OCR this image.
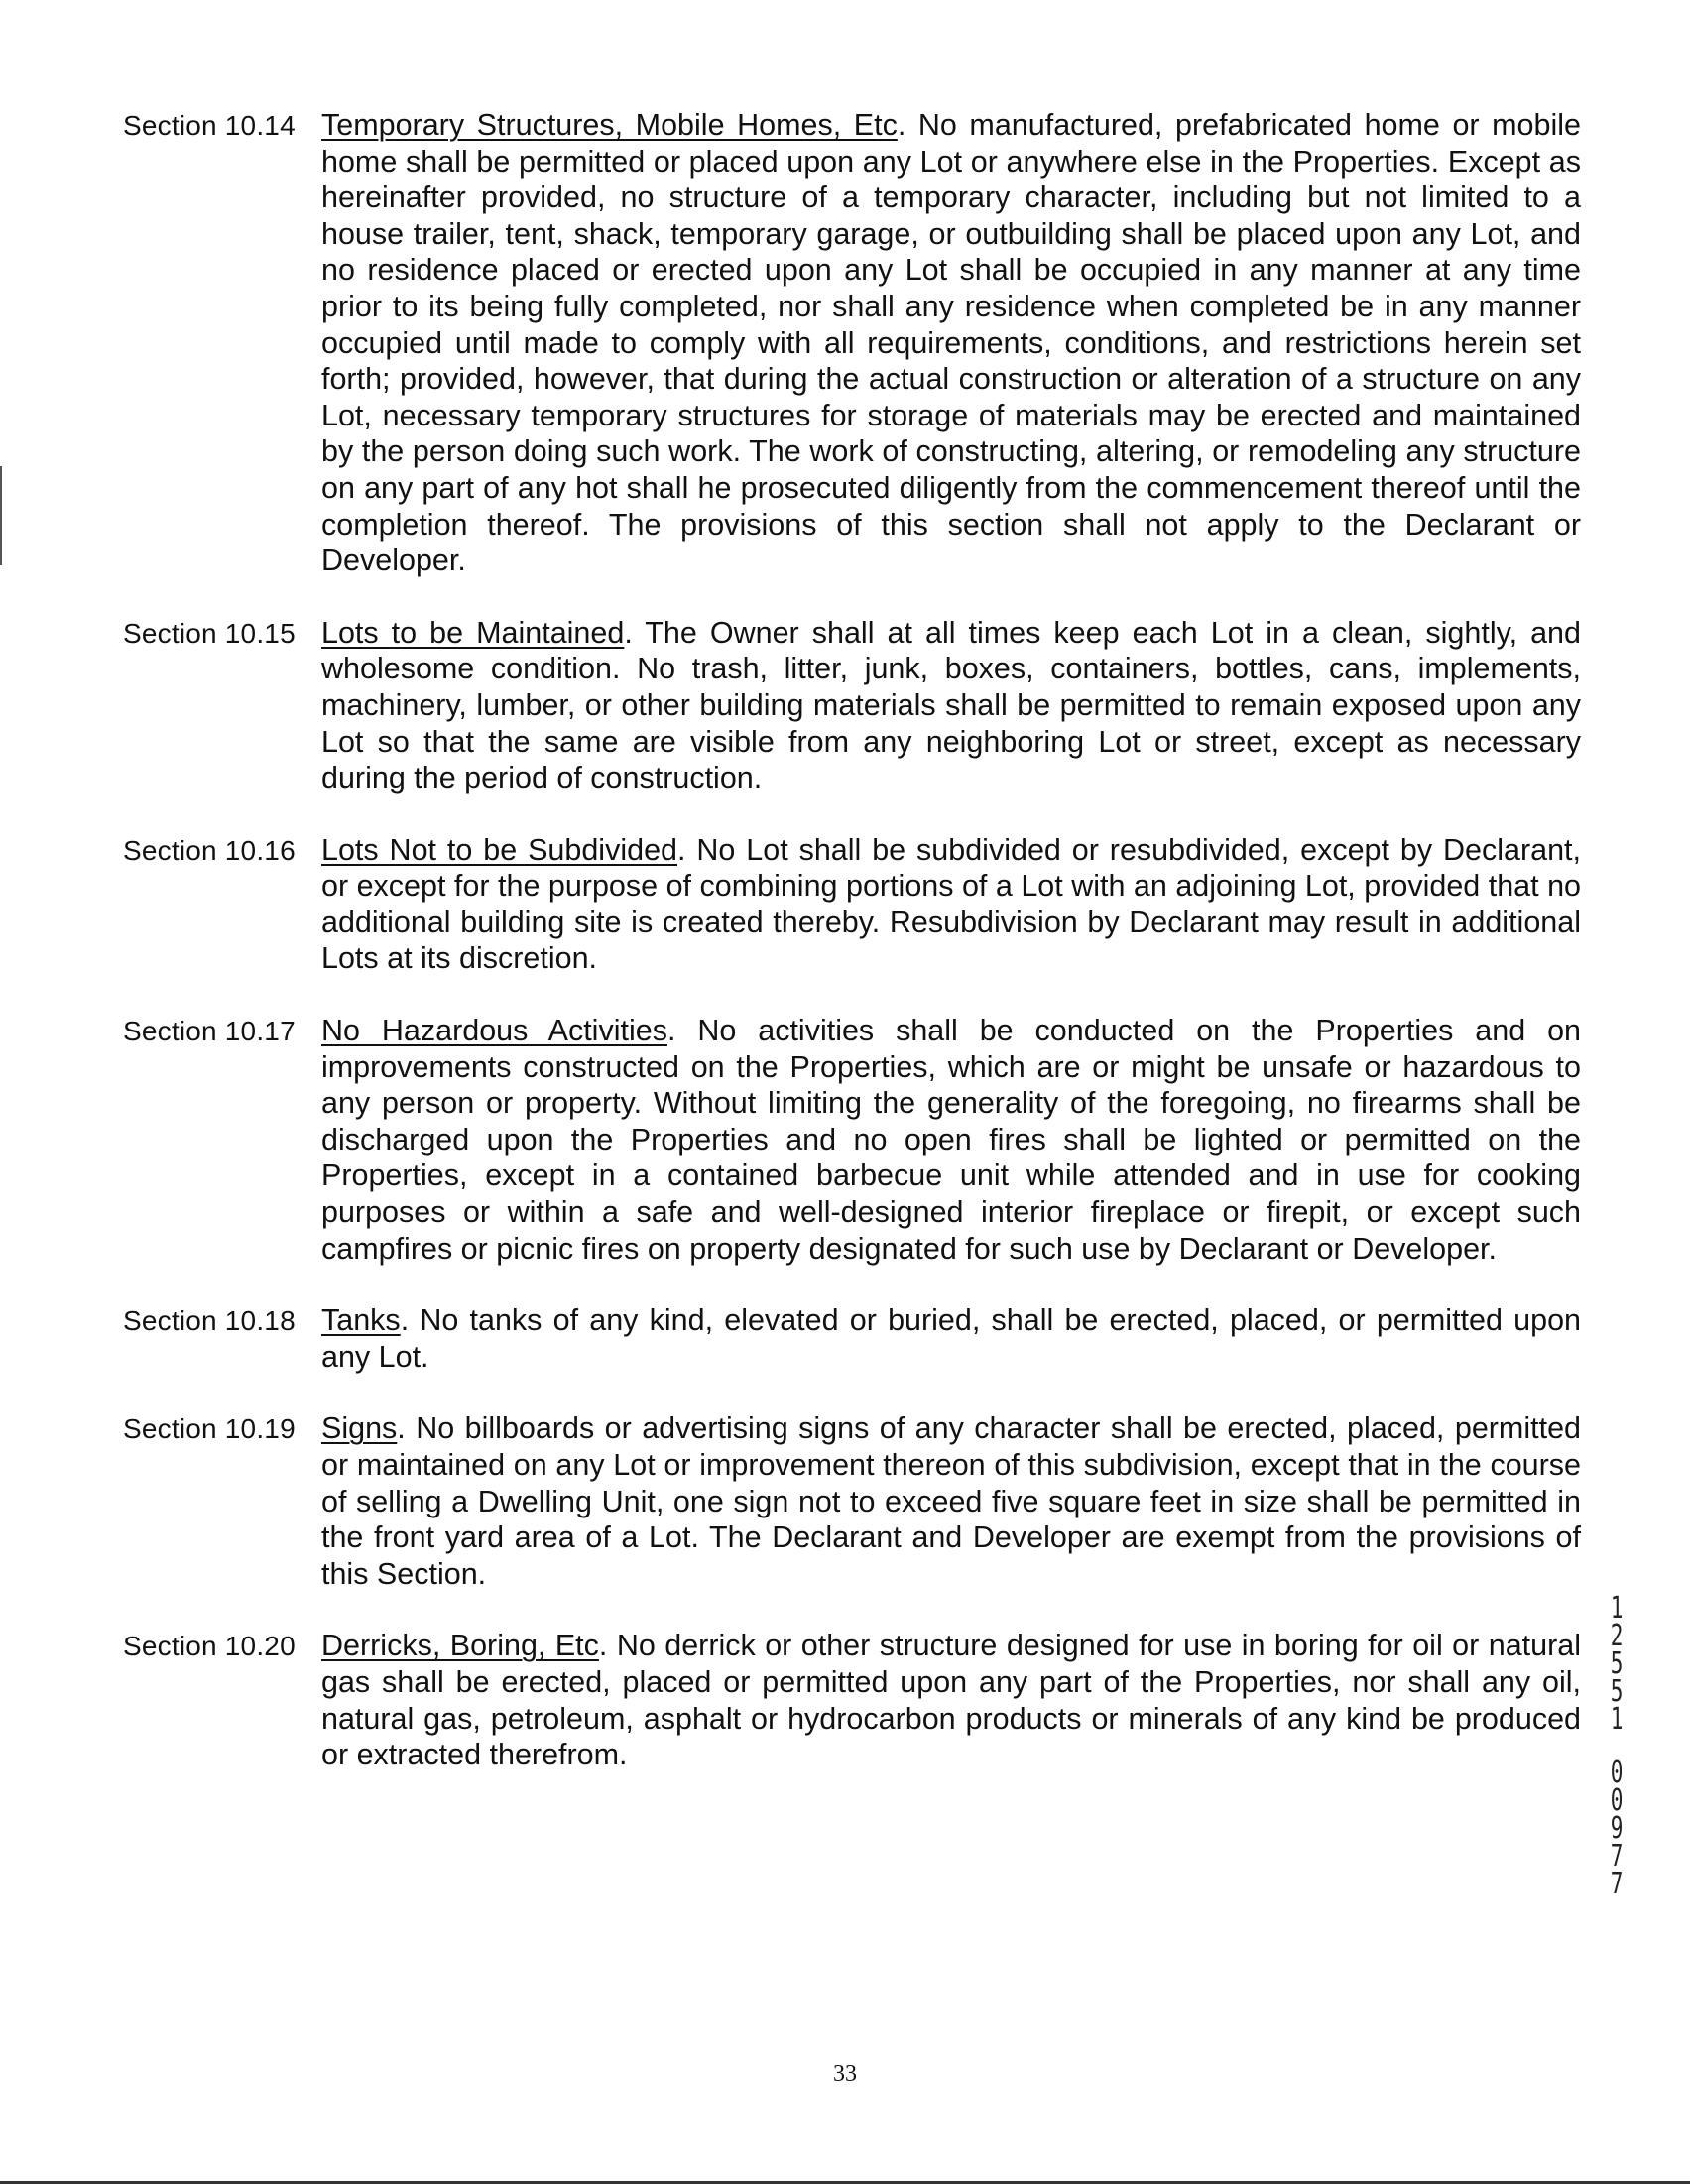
Section 10.14 Temporary Structures, Mobile Homes, Etc. No manufactured, prefabricated home or mobile home shall be permitted or placed upon any Lot or anywhere else in the Properties. Except as hereinafter provided, no structure of a temporary character, including but not limited to a house trailer, tent, shack, temporary garage, or outbuilding shall be placed upon any Lot, and no residence placed or erected upon any Lot shall be occupied in any manner at any time prior to its being fully completed, nor shall any residence when completed be in any manner occupied until made to comply with all requirements, conditions, and restrictions herein set forth; provided, however, that during the actual construction or alteration of a structure on any Lot, necessary temporary structures for storage of materials may be erected and maintained by the person doing such work. The work of constructing, altering, or remodeling any structure on any part of any hot shall he prosecuted diligently from the commencement thereof until the completion thereof. The provisions of this section shall not apply to the Declarant or Developer.
Section 10.15 Lots to be Maintained. The Owner shall at all times keep each Lot in a clean, sightly, and wholesome condition. No trash, litter, junk, boxes, containers, bottles, cans, implements, machinery, lumber, or other building materials shall be permitted to remain exposed upon any Lot so that the same are visible from any neighboring Lot or street, except as necessary during the period of construction.
Section 10.16 Lots Not to be Subdivided. No Lot shall be subdivided or resubdivided, except by Declarant, or except for the purpose of combining portions of a Lot with an adjoining Lot, provided that no additional building site is created thereby. Resubdivision by Declarant may result in additional Lots at its discretion.
Section 10.17 No Hazardous Activities. No activities shall be conducted on the Properties and on improvements constructed on the Properties, which are or might be unsafe or hazardous to any person or property. Without limiting the generality of the foregoing, no firearms shall be discharged upon the Properties and no open fires shall be lighted or permitted on the Properties, except in a contained barbecue unit while attended and in use for cooking purposes or within a safe and well-designed interior fireplace or firepit, or except such campfires or picnic fires on property designated for such use by Declarant or Developer.
Section 10.18 Tanks. No tanks of any kind, elevated or buried, shall be erected, placed, or permitted upon any Lot.
Section 10.19 Signs. No billboards or advertising signs of any character shall be erected, placed, permitted or maintained on any Lot or improvement thereon of this subdivision, except that in the course of selling a Dwelling Unit, one sign not to exceed five square feet in size shall be permitted in the front yard area of a Lot. The Declarant and Developer are exempt from the provisions of this Section.
Section 10.20 Derricks, Boring, Etc. No derrick or other structure designed for use in boring for oil or natural gas shall be erected, placed or permitted upon any part of the Properties, nor shall any oil, natural gas, petroleum, asphalt or hydrocarbon products or minerals of any kind be produced or extracted therefrom.
1
2
5
5
1
0
0
9
7
7
33
